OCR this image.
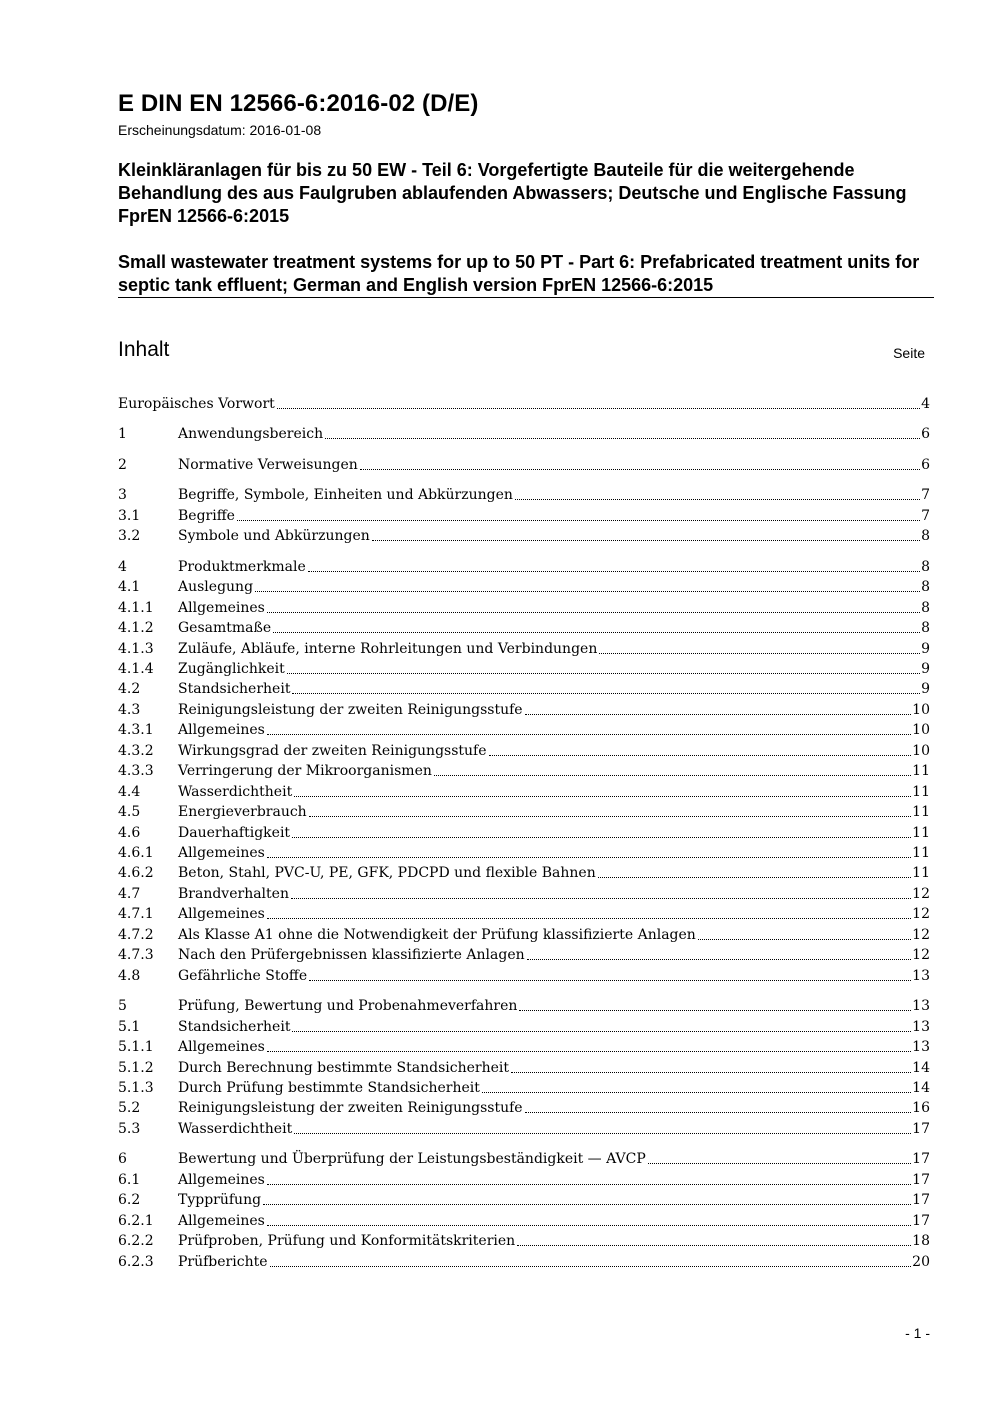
E DIN EN 12566-6:2016-02 (D/E)
Erscheinungsdatum: 2016-01-08
Kleinkläranlagen für bis zu 50 EW - Teil 6: Vorgefertigte Bauteile für die weitergehende Behandlung des aus Faulgruben ablaufenden Abwassers; Deutsche und Englische Fassung FprEN 12566-6:2015
Small wastewater treatment systems for up to 50 PT - Part 6: Prefabricated treatment units for septic tank effluent; German and English version FprEN 12566-6:2015
Inhalt	Seite
Europäisches Vorwort	4
1	Anwendungsbereich	6
2	Normative Verweisungen	6
3	Begriffe, Symbole, Einheiten und Abkürzungen	7
3.1	Begriffe	7
3.2	Symbole und Abkürzungen	8
4	Produktmerkmale	8
4.1	Auslegung	8
4.1.1	Allgemeines	8
4.1.2	Gesamtmaße	8
4.1.3	Zuläufe, Abläufe, interne Rohrleitungen und Verbindungen	9
4.1.4	Zugänglichkeit	9
4.2	Standsicherheit	9
4.3	Reinigungsleistung der zweiten Reinigungsstufe	10
4.3.1	Allgemeines	10
4.3.2	Wirkungsgrad der zweiten Reinigungsstufe	10
4.3.3	Verringerung der Mikroorganismen	11
4.4	Wasserdichtheit	11
4.5	Energieverbrauch	11
4.6	Dauerhaftigkeit	11
4.6.1	Allgemeines	11
4.6.2	Beton, Stahl, PVC-U, PE, GFK, PDCPD und flexible Bahnen	11
4.7	Brandverhalten	12
4.7.1	Allgemeines	12
4.7.2	Als Klasse A1 ohne die Notwendigkeit der Prüfung klassifizierte Anlagen	12
4.7.3	Nach den Prüfergebnissen klassifizierte Anlagen	12
4.8	Gefährliche Stoffe	13
5	Prüfung, Bewertung und Probenahmeverfahren	13
5.1	Standsicherheit	13
5.1.1	Allgemeines	13
5.1.2	Durch Berechnung bestimmte Standsicherheit	14
5.1.3	Durch Prüfung bestimmte Standsicherheit	14
5.2	Reinigungsleistung der zweiten Reinigungsstufe	16
5.3	Wasserdichtheit	17
6	Bewertung und Überprüfung der Leistungsbeständigkeit — AVCP	17
6.1	Allgemeines	17
6.2	Typprüfung	17
6.2.1	Allgemeines	17
6.2.2	Prüfproben, Prüfung und Konformitätskriterien	18
6.2.3	Prüfberichte	20
- 1 -
